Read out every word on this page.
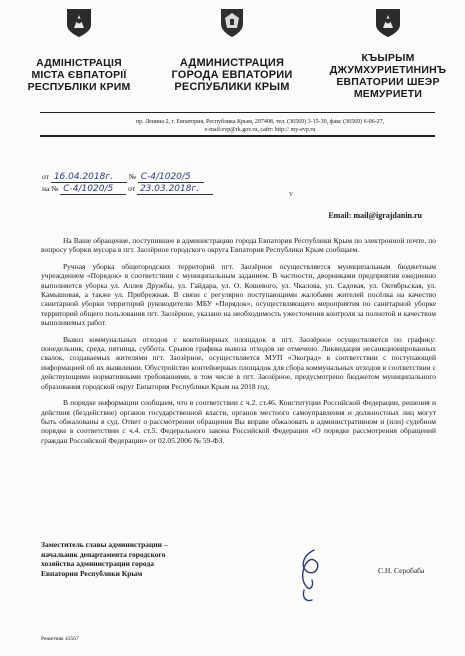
АДМІНІСТРАЦІЯ
МІСТА ЄВПАТОРІЇ
РЕСПУБЛІКИ КРИМ
АДМИНИСТРАЦИЯ
ГОРОДА ЕВПАТОРИИ
РЕСПУБЛИКИ КРЫМ
КЪЫРЫМ
ДЖУМХУРИЕТИНИНЪ
ЕВПАТОРИИ ШЕЭР
МЕМУРИЕТИ
пр. Ленина 2, г. Евпатория, Республика Крым, 297408, тел. (36569) 3-15-30, факс (36569) 6-06-27,
e-mail:evp@rk.gov.ru, сайт: http:// my-evp.ru
от 16.04.2018г. № С-4/1020/5
на № С-4/1020/5 от 23.03.2018г.	v
Email: mail@igrajdanin.ru

На Ваше обращение, поступившее в администрацию города Евпатория Республики Крым по электронной почте, по вопросу уборки мусора в пгт. Заозёрное городского округа Евпатория Республики Крым сообщаем.

Ручная уборка общегородских территорий пгт. Заозёрное осуществляется муниципальным бюджетным учреждением «Порядок» в соответствии с муниципальным заданием. В частности, дворниками предприятия ежедневно выполняется уборка ул. Аллея Дружбы, ул. Гайдара, ул. О. Кошевого, ул. Чкалова, ул. Садовая, ул. Октябрьская, ул. Камышовая, а также ул. Прибрежная. В связи с регулярно поступающими жалобами жителей посёлка на качество санитарной уборки территорий руководителю МБУ «Порядок», осуществляющего мероприятия по санитарной уборке территорий общего пользования пгт. Заозёрное, указано на необходимость ужесточения контроля за полнотой и качеством выполняемых работ.

Вывоз коммунальных отходов с контейнерных площадок в пгт. Заозёрное осуществляется по графику: понедельник, среда, пятница, суббота. Срывов графика вывоза отходов не отмечено. Ликвидация несанкционированных свалок, создаваемых жителями пгт. Заозёрное, осуществляется МУП «Экоград» в соответствии с поступающей информацией об их выявлении. Обустройство контейнерных площадок для сбора коммунальных отходов в соответствии с действующими нормативными требованиями, в том числе в пгт. Заозёрное, предусмотрено бюджетом муниципального образования городской округ Евпатория Республики Крым на 2018 год.

В порядке информации сообщаем, что в соответствии с ч.2. ст.46. Конституции Российской Федерации, решения и действия (бездействие) органов государственной власти, органов местного самоуправления и должностных лиц могут быть обжалованы в суд. Ответ о рассмотрении обращения Вы вправе обжаловать в административном и (или) судебном порядке в соответствии с ч.4. ст.5. Федерального закона Российской Федерации «О порядке рассмотрения обращений граждан Российской Федерации» от 02.05.2006 № 59-ФЗ.

Заместитель главы администрации –
начальник департамента городского
хозяйства администрации города
Евпатории Республики Крым	С.Н. Серобаба
Решетняк 43567
